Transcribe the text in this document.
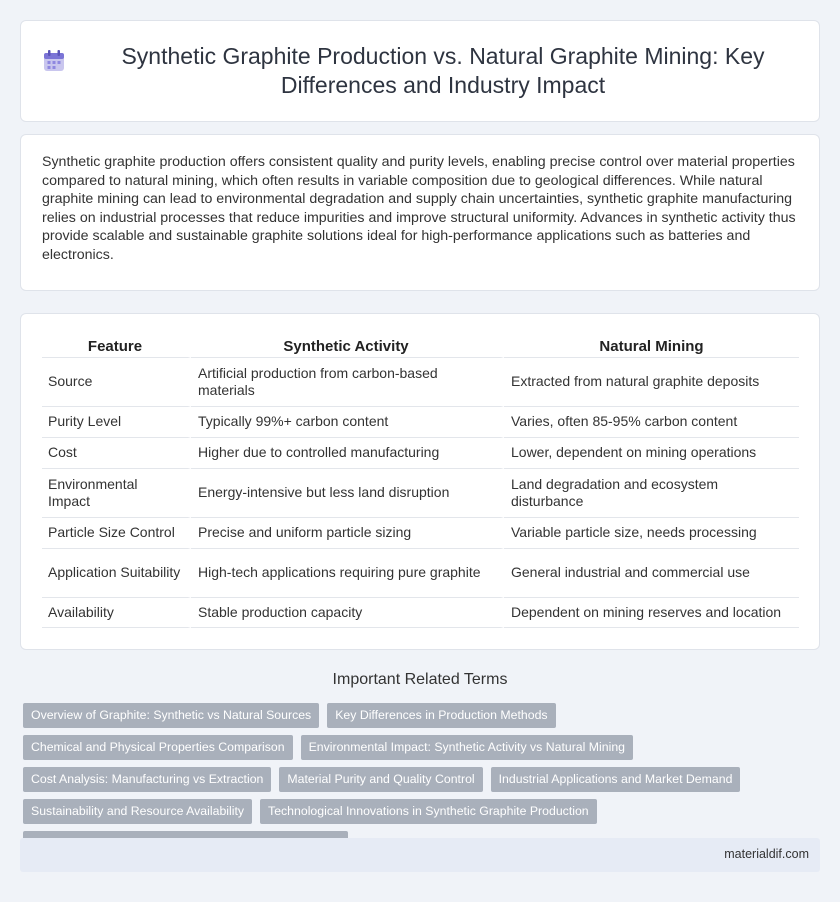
Synthetic Graphite Production vs. Natural Graphite Mining: Key Differences and Industry Impact

Synthetic graphite production offers consistent quality and purity levels, enabling precise control over material properties compared to natural mining, which often results in variable composition due to geological differences. While natural graphite mining can lead to environmental degradation and supply chain uncertainties, synthetic graphite manufacturing relies on industrial processes that reduce impurities and improve structural uniformity. Advances in synthetic activity thus provide scalable and sustainable graphite solutions ideal for high-performance applications such as batteries and electronics.

Feature	Synthetic Activity	Natural Mining
Source	Artificial production from carbon-based materials	Extracted from natural graphite deposits
Purity Level	Typically 99%+ carbon content	Varies, often 85-95% carbon content
Cost	Higher due to controlled manufacturing	Lower, dependent on mining operations
Environmental Impact	Energy-intensive but less land disruption	Land degradation and ecosystem disturbance
Particle Size Control	Precise and uniform particle sizing	Variable particle size, needs processing
Application Suitability	High-tech applications requiring pure graphite	General industrial and commercial use
Availability	Stable production capacity	Dependent on mining reserves and location
Important Related Terms
Overview of Graphite: Synthetic vs Natural Sources	Key Differences in Production Methods
Chemical and Physical Properties Comparison	Environmental Impact: Synthetic Activity vs Natural Mining
Cost Analysis: Manufacturing vs Extraction	Material Purity and Quality Control	Industrial Applications and Market Demand
Sustainability and Resource Availability	Technological Innovations in Synthetic Graphite Production
materialdif.com
